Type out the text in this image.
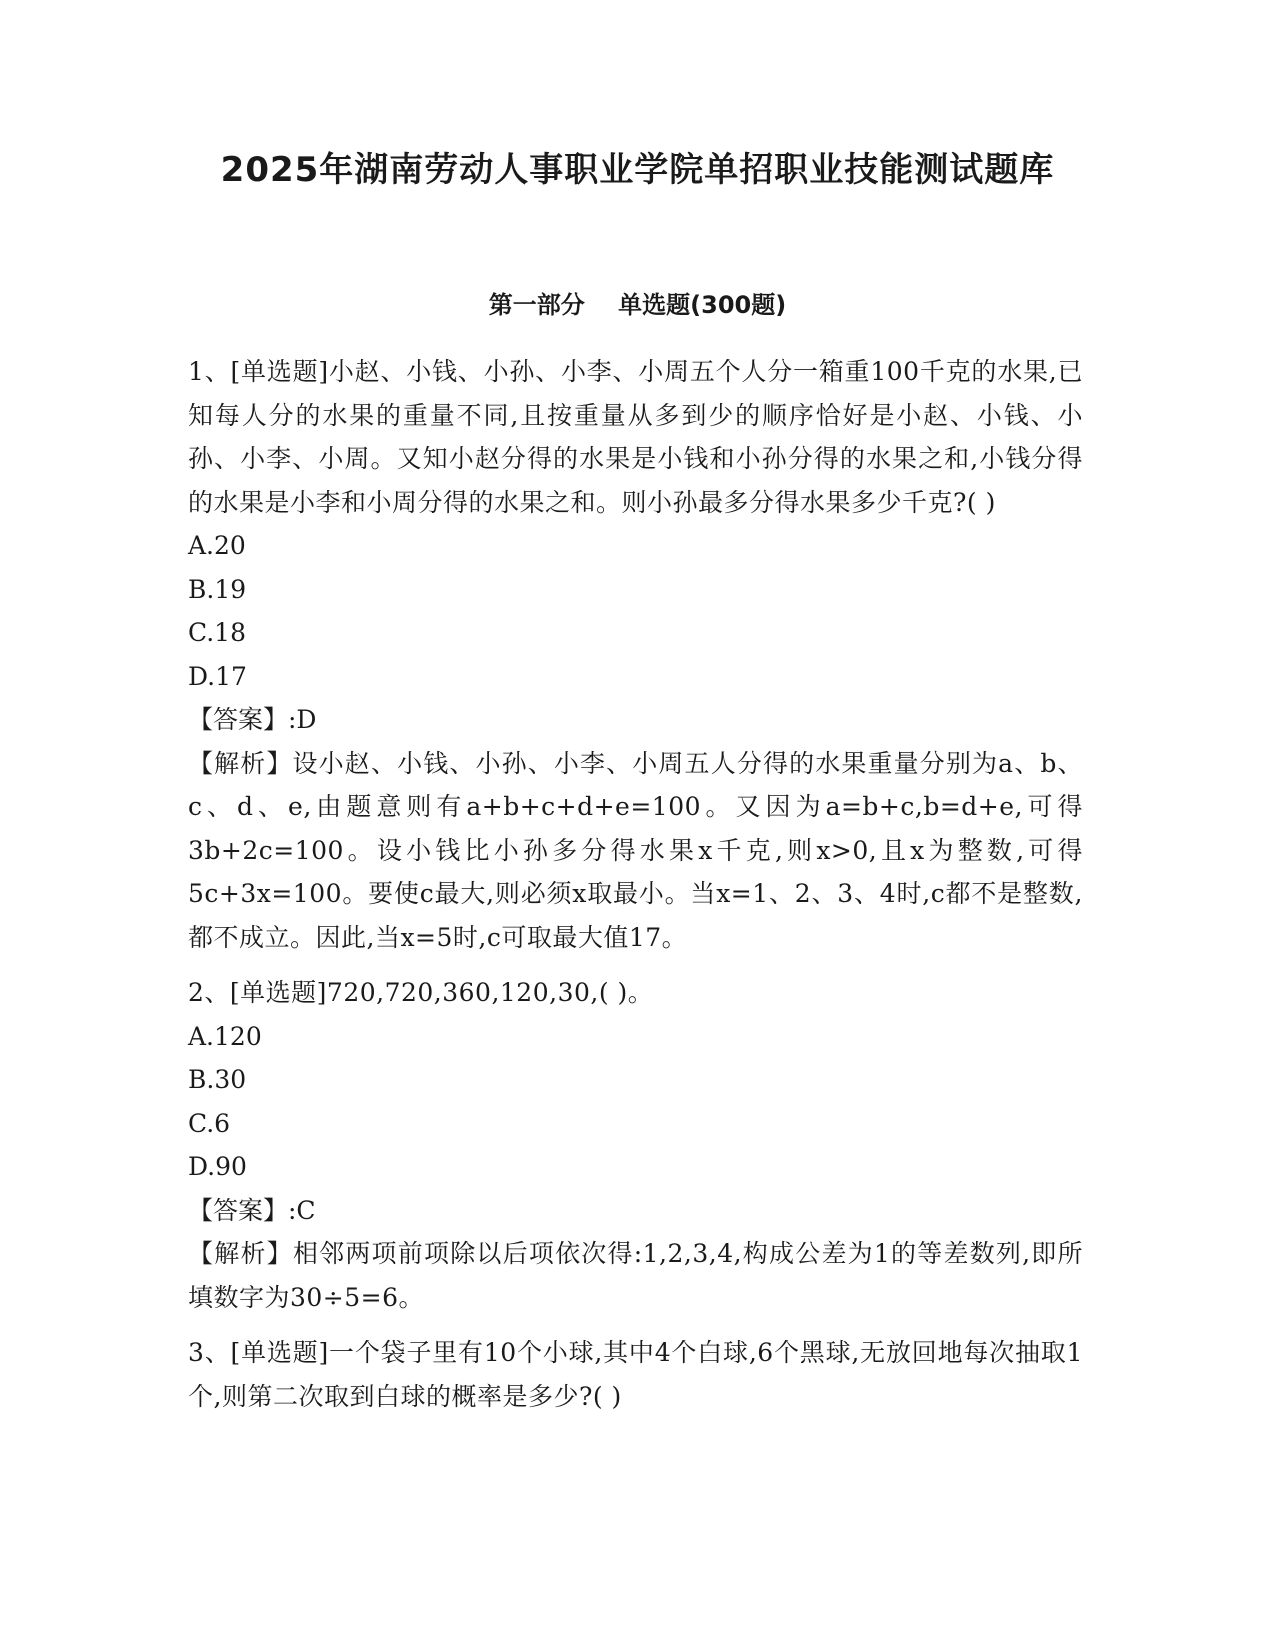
2025年湖南劳动人事职业学院单招职业技能测试题库
第一部分    单选题(300题)
1、[单选题]小赵、小钱、小孙、小李、小周五个人分一箱重100千克的水果,已知每人分的水果的重量不同,且按重量从多到少的顺序恰好是小赵、小钱、小孙、小李、小周。又知小赵分得的水果是小钱和小孙分得的水果之和,小钱分得的水果是小李和小周分得的水果之和。则小孙最多分得水果多少千克?( )
A.20
B.19
C.18
D.17
【答案】:D
【解析】设小赵、小钱、小孙、小李、小周五人分得的水果重量分别为a、b、c、d、e,由题意则有a+b+c+d+e=100。又因为a=b+c,b=d+e,可得3b+2c=100。设小钱比小孙多分得水果x千克,则x>0,且x为整数,可得5c+3x=100。要使c最大,则必须x取最小。当x=1、2、3、4时,c都不是整数,都不成立。因此,当x=5时,c可取最大值17。
2、[单选题]720,720,360,120,30,( )。
A.120
B.30
C.6
D.90
【答案】:C
【解析】相邻两项前项除以后项依次得:1,2,3,4,构成公差为1的等差数列,即所填数字为30÷5=6。
3、[单选题]一个袋子里有10个小球,其中4个白球,6个黑球,无放回地每次抽取1个,则第二次取到白球的概率是多少?( )
